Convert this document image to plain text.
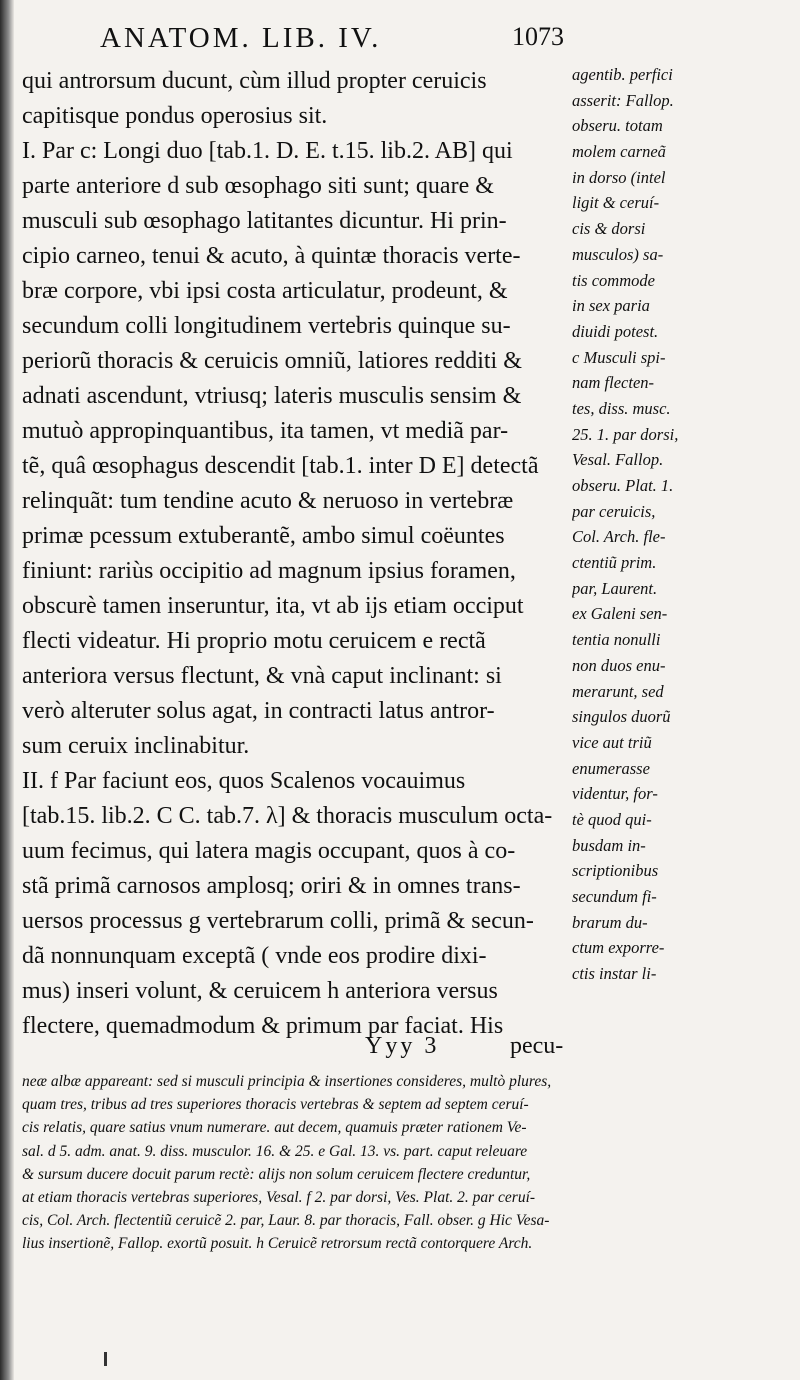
ANATOM. LIB. IV.	1073
qui antrorsum ducunt, cùm illud propter ceruicis
capitisque pondus operosius sit.
I. Par c: Longi duo [tab.1. D. E. t.15. lib.2. AB] qui
parte anteriore d sub œsophago siti sunt; quare &
musculi sub œsophago latitantes dicuntur. Hi prin-
cipio carneo, tenui & acuto, à quintæ thoracis verte-
bræ corpore, vbi ipsi costa articulatur, prodeunt, &
secundum colli longitudinem vertebris quinque su-
periorũ thoracis & ceruicis omniũ, latiores redditi &
adnati ascendunt, vtriusq; lateris musculis sensim &
mutuò appropinquantibus, ita tamen, vt mediã par-
tẽ, quâ œsophagus descendit [tab.1. inter D E] detectã
relinquãt: tum tendine acuto & neruoso in vertebræ
primæ pcessum extuberantẽ, ambo simul coëuntes
finiunt: rariùs occipitio ad magnum ipsius foramen,
obscurè tamen inseruntur, ita, vt ab ijs etiam occiput
flecti videatur. Hi proprio motu ceruicem e rectã
anteriora versus flectunt, & vnà caput inclinant: si
verò alteruter solus agat, in contracti latus antror-
sum ceruix inclinabitur.
II. f Par faciunt eos, quos Scalenos vocauimus
[tab.15. lib.2. C C. tab.7. λ] & thoracis musculum octa-
uum fecimus, qui latera magis occupant, quos à co-
stã primã carnosos amplosq; oriri & in omnes trans-
uersos processus g vertebrarum colli, primã & secun-
dã nonnunquam exceptã ( vnde eos prodire dixi-
mus) inseri volunt, & ceruicem h anteriora versus
flectere, quemadmodum & primum par faciat. His
agentib. perfici
asserit: Fallop.
obseru. totam
molem carneã
in dorso (intel
ligit & ceruí-
cis & dorsi
musculos) sa-
tis commode
in sex paria
diuidi potest.
c Musculi spi-
nam flecten-
tes, diss. musc.
25. 1. par dorsi,
Vesal. Fallop.
obseru. Plat. 1.
par ceruicis,
Col. Arch. fle-
ctentiũ prim.
par, Laurent.
ex Galeni sen-
tentia nonulli
non duos enu-
merarunt, sed
singulos duorũ
vice aut triũ
enumerasse
videntur, for-
tè quod qui-
busdam in-
scriptionibus
secundum fi-
brarum du-
ctum exporre-
ctis instar li-
Yyy 3	pecu-
neæ albæ appareant: sed si musculi principia & insertiones consideres, multò plures,
quam tres, tribus ad tres superiores thoracis vertebras & septem ad septem ceruí-
cis relatis, quare satius vnum numerare. aut decem, quamuis præter rationem Ve-
sal. d 5. adm. anat. 9. diss. musculor. 16. & 25. e Gal. 13. vs. part. caput releuare
& sursum ducere docuit parum rectè: alijs non solum ceruicem flectere creduntur,
at etiam thoracis vertebras superiores, Vesal. f 2. par dorsi, Ves. Plat. 2. par ceruí-
cis, Col. Arch. flectentiũ ceruicẽ 2. par, Laur. 8. par thoracis, Fall. obser. g Hic Vesa-
lius insertionẽ, Fallop. exortũ posuit. h Ceruicẽ retrorsum rectã contorquere Arch.
